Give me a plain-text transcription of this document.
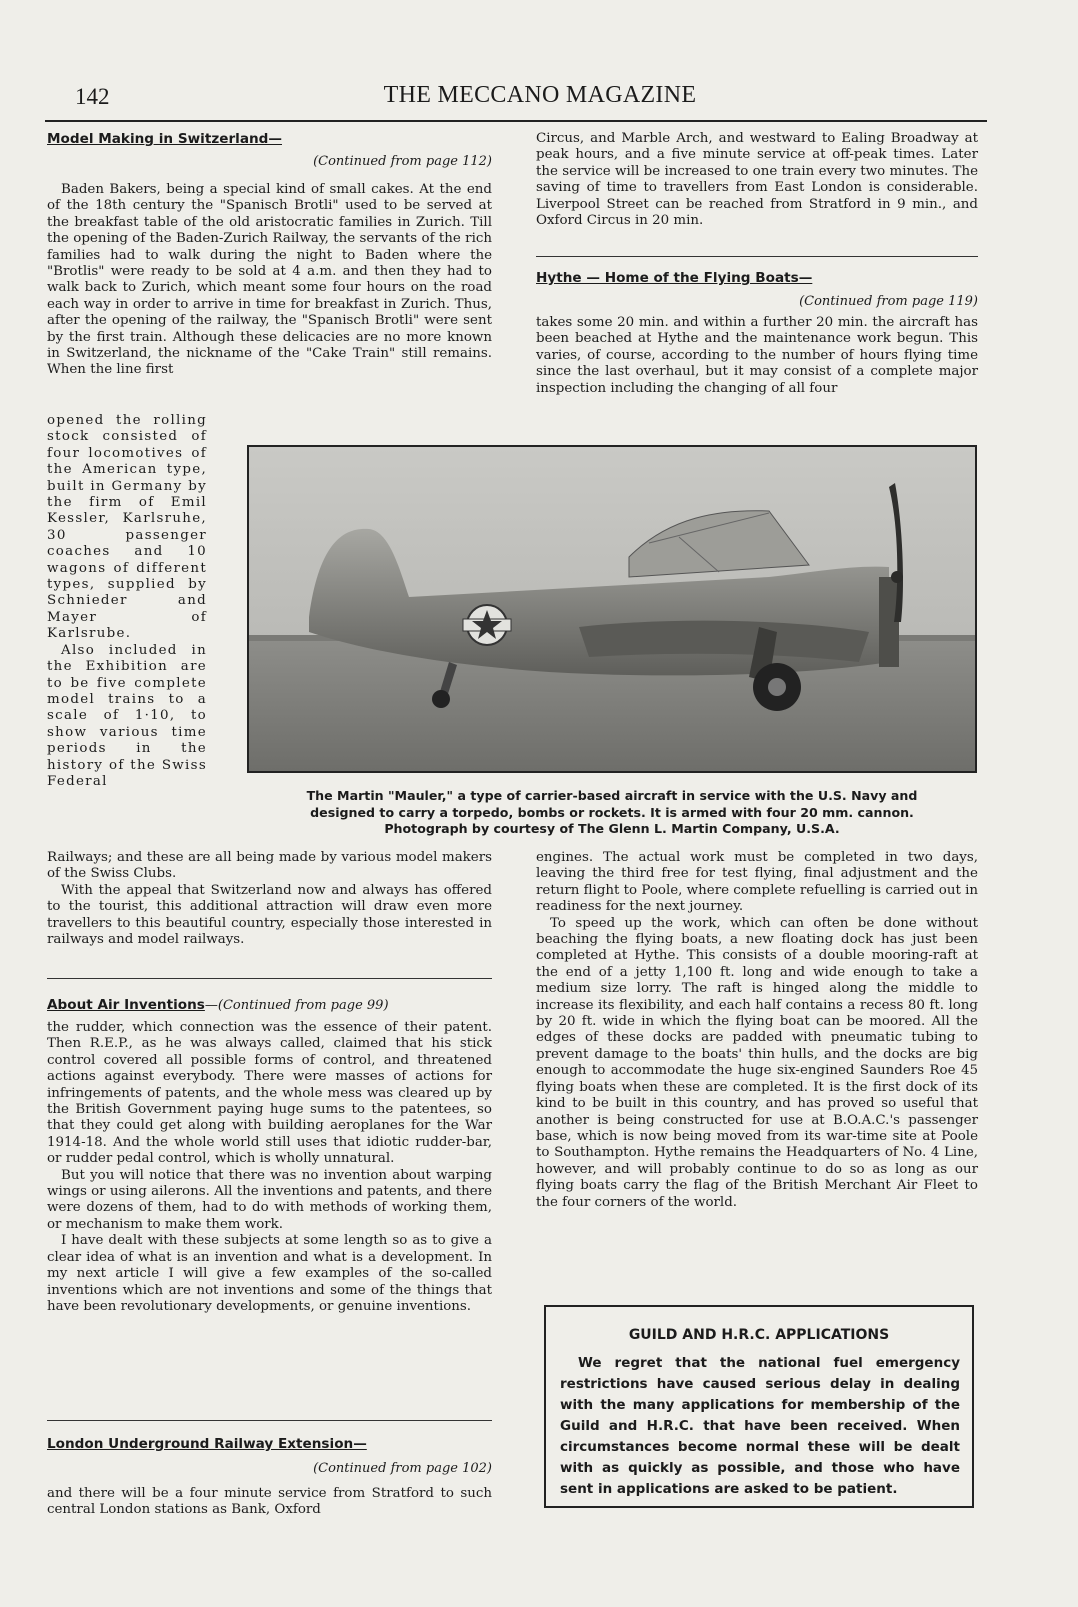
142	THE MECCANO MAGAZINE
Model Making in Switzerland—
(Continued from page 112)

Baden Bakers, being a special kind of small cakes. At the end of the 18th century the "Spanisch Brotli" used to be served at the breakfast table of the old aristocratic families in Zurich. Till the opening of the Baden-Zurich Railway, the servants of the rich families had to walk during the night to Baden where the "Brotlis" were ready to be sold at 4 a.m. and then they had to walk back to Zurich, which meant some four hours on the road each way in order to arrive in time for breakfast in Zurich. Thus, after the opening of the railway, the "Spanisch Brotli" were sent by the first train. Although these delicacies are no more known in Switzerland, the nickname of the "Cake Train" still remains. When the line first

opened the rolling stock consisted of four locomotives of the American type, built in Germany by the firm of Emil Kessler, Karlsruhe, 30 passenger coaches and 10 wagons of different types, supplied by Schnieder and Mayer of Karlsrube.

Also included in the Exhibition are to be five complete model trains to a scale of 1·10, to show various time periods in the history of the Swiss Federal

Railways; and these are all being made by various model makers of the Swiss Clubs.

With the appeal that Switzerland now and always has offered to the tourist, this additional attraction will draw even more travellers to this beautiful country, especially those interested in railways and model railways.

About Air Inventions—(Continued from page 99)

the rudder, which connection was the essence of their patent. Then R.E.P., as he was always called, claimed that his stick control covered all possible forms of control, and threatened actions against everybody. There were masses of actions for infringements of patents, and the whole mess was cleared up by the British Government paying huge sums to the patentees, so that they could get along with building aeroplanes for the War 1914-18. And the whole world still uses that idiotic rudder-bar, or rudder pedal control, which is wholly unnatural.

But you will notice that there was no invention about warping wings or using ailerons. All the inventions and patents, and there were dozens of them, had to do with methods of working them, or mechanism to make them work.

I have dealt with these subjects at some length so as to give a clear idea of what is an invention and what is a development. In my next article I will give a few examples of the so-called inventions which are not inventions and some of the things that have been revolutionary developments, or genuine inventions.

London Underground Railway Extension—
(Continued from page 102)

and there will be a four minute service from Stratford to such central London stations as Bank, Oxford

Circus, and Marble Arch, and westward to Ealing Broadway at peak hours, and a five minute service at off-peak times. Later the service will be increased to one train every two minutes. The saving of time to travellers from East London is considerable. Liverpool Street can be reached from Stratford in 9 min., and Oxford Circus in 20 min.

Hythe — Home of the Flying Boats—
(Continued from page 119)

takes some 20 min. and within a further 20 min. the aircraft has been beached at Hythe and the maintenance work begun. This varies, of course, according to the number of hours flying time since the last overhaul, but it may consist of a complete major inspection including the changing of all four

The Martin "Mauler," a type of carrier-based aircraft in service with the U.S. Navy and
designed to carry a torpedo, bombs or rockets. It is armed with four 20 mm. cannon.
Photograph by courtesy of The Glenn L. Martin Company, U.S.A.

engines. The actual work must be completed in two days, leaving the third free for test flying, final adjustment and the return flight to Poole, where complete refuelling is carried out in readiness for the next journey.

To speed up the work, which can often be done without beaching the flying boats, a new floating dock has just been completed at Hythe. This consists of a double mooring-raft at the end of a jetty 1,100 ft. long and wide enough to take a medium size lorry. The raft is hinged along the middle to increase its flexibility, and each half contains a recess 80 ft. long by 20 ft. wide in which the flying boat can be moored. All the edges of these docks are padded with pneumatic tubing to prevent damage to the boats' thin hulls, and the docks are big enough to accommodate the huge six-engined Saunders Roe 45 flying boats when these are completed. It is the first dock of its kind to be built in this country, and has proved so useful that another is being constructed for use at B.O.A.C.'s passenger base, which is now being moved from its war-time site at Poole to Southampton. Hythe remains the Headquarters of No. 4 Line, however, and will probably continue to do so as long as our flying boats carry the flag of the British Merchant Air Fleet to the four corners of the world.

GUILD AND H.R.C. APPLICATIONS

We regret that the national fuel emergency restrictions have caused serious delay in dealing with the many applications for membership of the Guild and H.R.C. that have been received. When circumstances become normal these will be dealt with as quickly as possible, and those who have sent in applications are asked to be patient.
